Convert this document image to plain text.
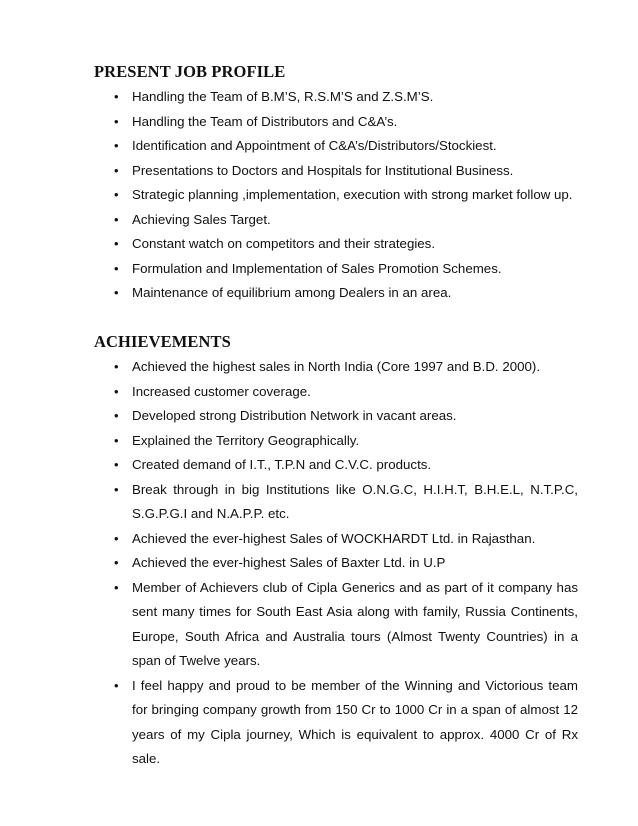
PRESENT JOB PROFILE
• Handling the Team of B.M’S, R.S.M’S and Z.S.M’S.
• Handling the Team of Distributors and C&A’s.
• Identification and Appointment of C&A’s/Distributors/Stockiest.
• Presentations to Doctors and Hospitals for Institutional Business.
• Strategic planning ,implementation, execution with strong market follow up.
• Achieving Sales Target.
• Constant watch on competitors and their strategies.
• Formulation and Implementation of Sales Promotion Schemes.
• Maintenance of equilibrium among Dealers in an area.
ACHIEVEMENTS
• Achieved the highest sales in North India (Core 1997 and B.D. 2000).
• Increased customer coverage.
• Developed strong Distribution Network in vacant areas.
• Explained the Territory Geographically.
• Created demand of I.T., T.P.N and C.V.C. products.
• Break through in big Institutions like O.N.G.C, H.I.H.T, B.H.E.L, N.T.P.C, S.G.P.G.I and N.A.P.P. etc.
• Achieved the ever-highest Sales of WOCKHARDT Ltd. in Rajasthan.
• Achieved the ever-highest Sales of Baxter Ltd. in U.P
• Member of Achievers club of Cipla Generics and as part of it company has sent many times for South East Asia along with family, Russia Continents, Europe, South Africa and Australia tours (Almost Twenty Countries) in a span of Twelve years.
• I feel happy and proud to be member of the Winning and Victorious team for bringing company growth from 150 Cr to 1000 Cr in a span of almost 12 years of my Cipla journey, Which is equivalent to approx. 4000 Cr of Rx sale.
